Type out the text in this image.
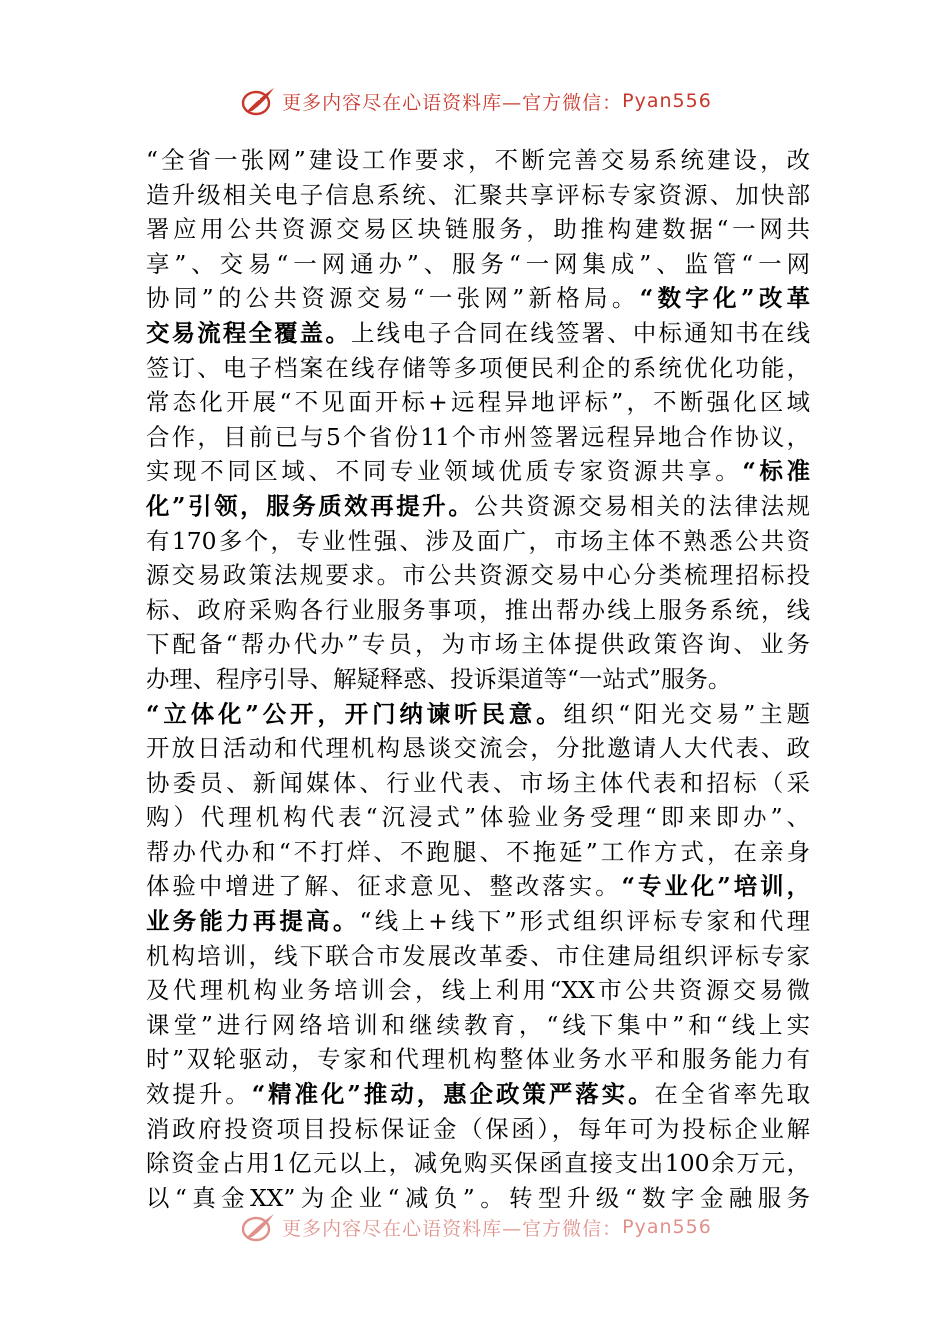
更多内容尽在心语资料库—官方微信： Pyan556
“全省一张网”建设工作要求，不断完善交易系统建设，改
造升级相关电子信息系统、汇聚共享评标专家资源、加快部
署应用公共资源交易区块链服务，助推构建数据“一网共
享”、交易“一网通办”、服务“一网集成”、监管“一网
协同”的公共资源交易“一张网”新格局。“数字化”改革
交易流程全覆盖。上线电子合同在线签署、中标通知书在线
签订、电子档案在线存储等多项便民利企的系统优化功能，
常态化开展“不见面开标+远程异地评标”，不断强化区域
合作，目前已与5个省份11个市州签署远程异地合作协议，
实现不同区域、不同专业领域优质专家资源共享。“标准
化”引领，服务质效再提升。公共资源交易相关的法律法规
有170多个，专业性强、涉及面广，市场主体不熟悉公共资
源交易政策法规要求。市公共资源交易中心分类梳理招标投
标、政府采购各行业服务事项，推出帮办线上服务系统，线
下配备“帮办代办”专员，为市场主体提供政策咨询、业务
办理、程序引导、解疑释惑、投诉渠道等“一站式”服务。
“立体化”公开，开门纳谏听民意。组织“阳光交易”主题
开放日活动和代理机构恳谈交流会，分批邀请人大代表、政
协委员、新闻媒体、行业代表、市场主体代表和招标（采
购）代理机构代表“沉浸式”体验业务受理“即来即办”、
帮办代办和“不打烊、不跑腿、不拖延”工作方式，在亲身
体验中增进了解、征求意见、整改落实。“专业化”培训，
业务能力再提高。“线上+线下”形式组织评标专家和代理
机构培训，线下联合市发展改革委、市住建局组织评标专家
及代理机构业务培训会，线上利用“XX市公共资源交易微
课堂”进行网络培训和继续教育，“线下集中”和“线上实
时”双轮驱动，专家和代理机构整体业务水平和服务能力有
效提升。“精准化”推动，惠企政策严落实。在全省率先取
消政府投资项目投标保证金（保函），每年可为投标企业解
除资金占用1亿元以上，减免购买保函直接支出100余万元，
以“真金XX”为企业“减负”。转型升级“数字金融服务
更多内容尽在心语资料库—官方微信： Pyan556
